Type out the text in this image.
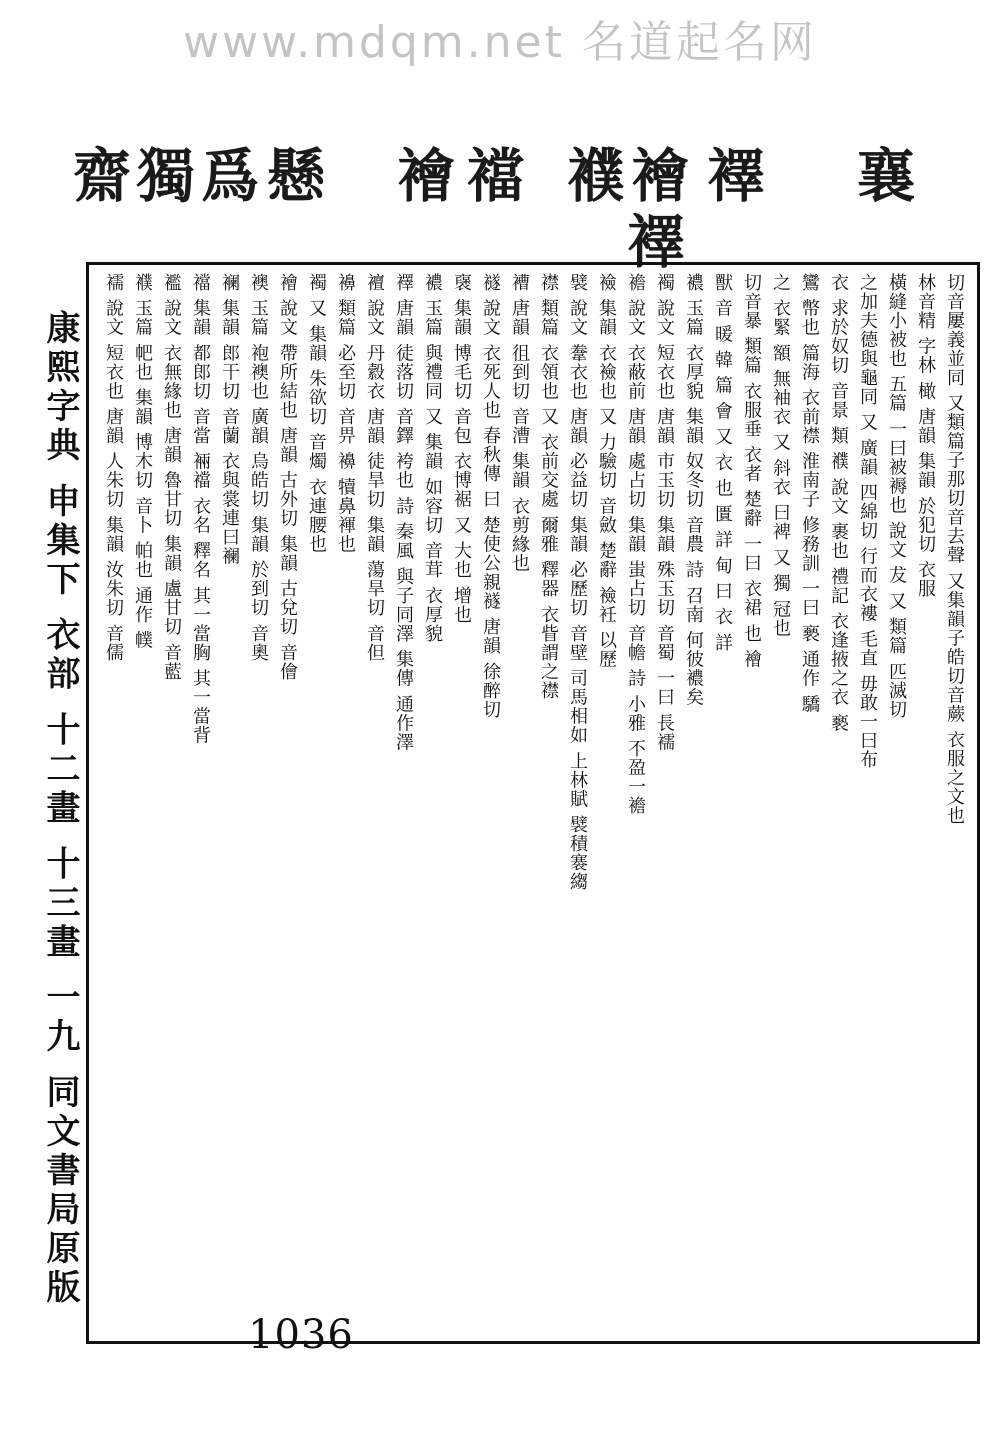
www.mdqm.net 名道起名网
齋
獨
爲
懸 襘 襠 襥
襘 襗
襗
襄
康熙字典 申集下 衣部 十二畫 十三畫 一九 同文書局原版	切音屢義並同 又類篇子那切音去聲 又集韻子皓切音蕨 衣服之文也
林音精 字林 橄 唐韻 集韻 於犯切 衣服
橫縫小被也 五篇 一曰被褥也 說文 犮 又 類篇 匹滅切
之加夫德與龜同 又 廣韻 四綿切 行而衣褸 毛直 毋敢一曰布
衣 求於奴切 音景 類 襥 說文 裹也 禮記 衣逢掖之衣 褻
鸞 幣也 篇海 衣前襟 淮南子 修務訓 一曰 褻 通作 驕
之 衣緊 額 無袖衣 又 斜衣 曰裨 又 獨 冠也
切音暴 類篇 衣服垂 衣者 楚辭 一曰 衣裙 也 襘
獸 音 暖 韓 篇 會 又 衣 也 匱 詳 甸 曰 衣 詳
襛 玉篇 衣厚貌 集韻 奴冬切 音農 詩 召南 何彼襛矣
襡 說文 短衣也 唐韻 市玉切 集韻 殊玉切 音蜀 一曰 長襦
襜 說文 衣蔽前 唐韻 處占切 集韻 蚩占切 音幨 詩 小雅 不盈一襜
襝 集韻 衣襝也 又 力驗切 音斂 楚辭 襝衽 以歷
襞 說文 韏衣也 唐韻 必益切 集韻 必歷切 音壁 司馬相如 上林賦 襞積褰縐
襟 類篇 衣領也 又 衣前交處 爾雅 釋器 衣眥謂之襟
褿 唐韻 徂到切 音漕 集韻 衣剪緣也
襚 說文 衣死人也 春秋傳 曰 楚使公親襚 唐韻 徐醉切
襃 集韻 博毛切 音包 衣博裾 又 大也 增也
襛 玉篇 與禮同 又 集韻 如容切 音茸 衣厚貌
襗 唐韻 徒落切 音鐸 袴也 詩 秦風 與子同澤 集傳 通作澤
襢 說文 丹縠衣 唐韻 徒旱切 集韻 蕩旱切 音但
襣 類篇 必至切 音畀 襣 犢鼻褌也
襡 又 集韻 朱欲切 音燭 衣連腰也
襘 說文 帶所結也 唐韻 古外切 集韻 古兌切 音儈
襖 玉篇 袍襖也 廣韻 烏皓切 集韻 於到切 音奧
襕 集韻 郎干切 音蘭 衣與裳連曰襕
襠 集韻 都郎切 音當 裲襠 衣名 釋名 其一當胸 其一當背
襤 說文 衣無緣也 唐韻 魯甘切 集韻 盧甘切 音藍
襥 玉篇 帊也 集韻 博木切 音卜 帕也 通作 幞
襦 說文 短衣也 唐韻 人朱切 集韻 汝朱切 音儒
1036
